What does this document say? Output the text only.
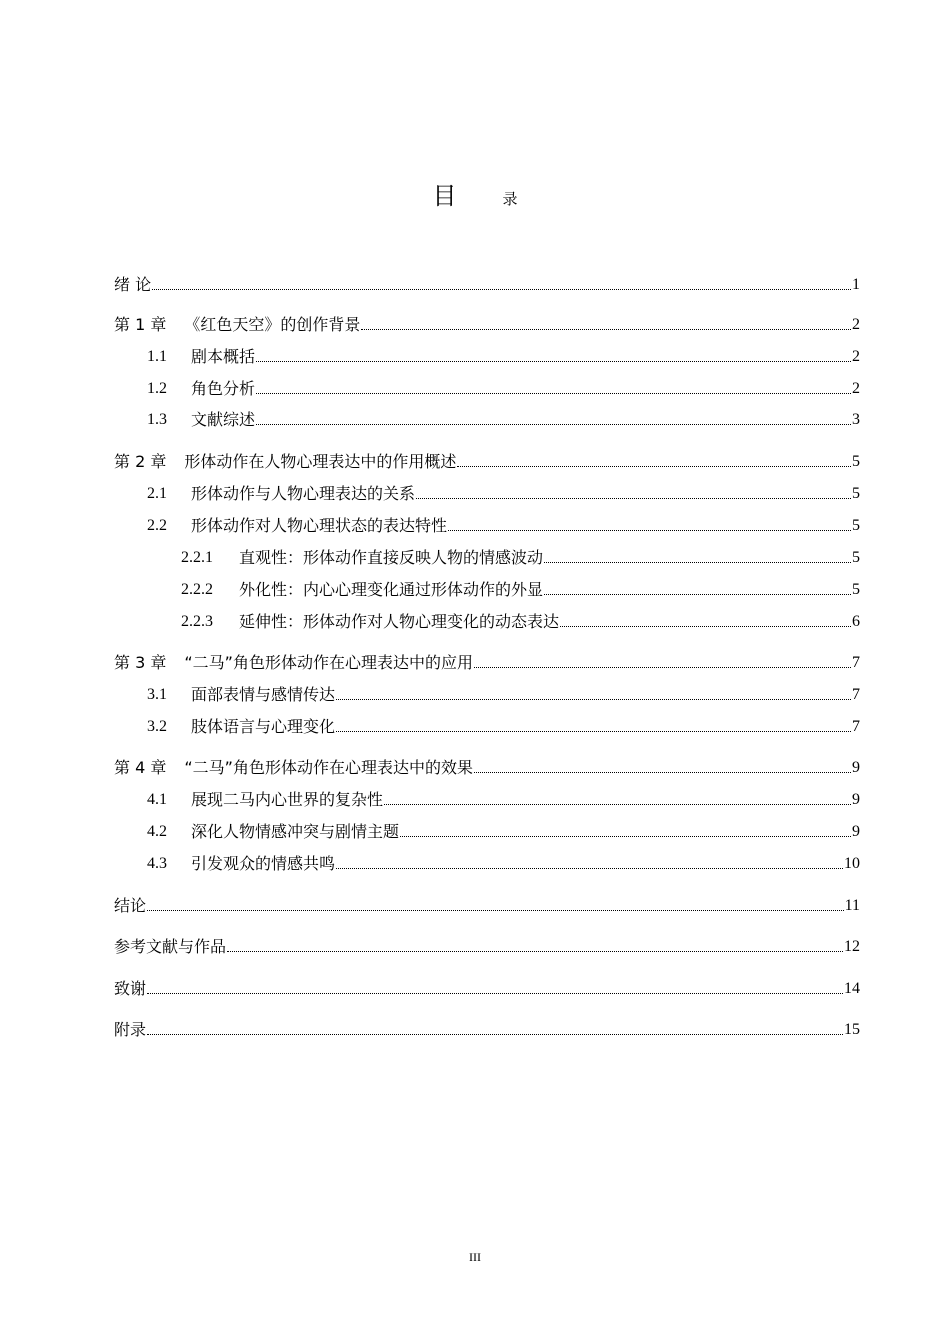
目	录
绪 论	1
第 1 章 《红色天空》的创作背景	2
1.1	剧本概括	2
1.2	角色分析	2
1.3	文献综述	3
第 2 章 形体动作在人物心理表达中的作用概述	5
2.1	形体动作与人物心理表达的关系	5
2.2	形体动作对人物心理状态的表达特性	5
2.2.1	直观性：形体动作直接反映人物的情感波动	5
2.2.2	外化性：内心心理变化通过形体动作的外显	5
2.2.3	延伸性：形体动作对人物心理变化的动态表达	6
第 3 章 “二马”角色形体动作在心理表达中的应用	7
3.1	面部表情与感情传达	7
3.2	肢体语言与心理变化	7
第 4 章 “二马”角色形体动作在心理表达中的效果	9
4.1	展现二马内心世界的复杂性	9
4.2	深化人物情感冲突与剧情主题	9
4.3	引发观众的情感共鸣	10
结论	11
参考文献与作品	12
致谢	14
附录	15
III
